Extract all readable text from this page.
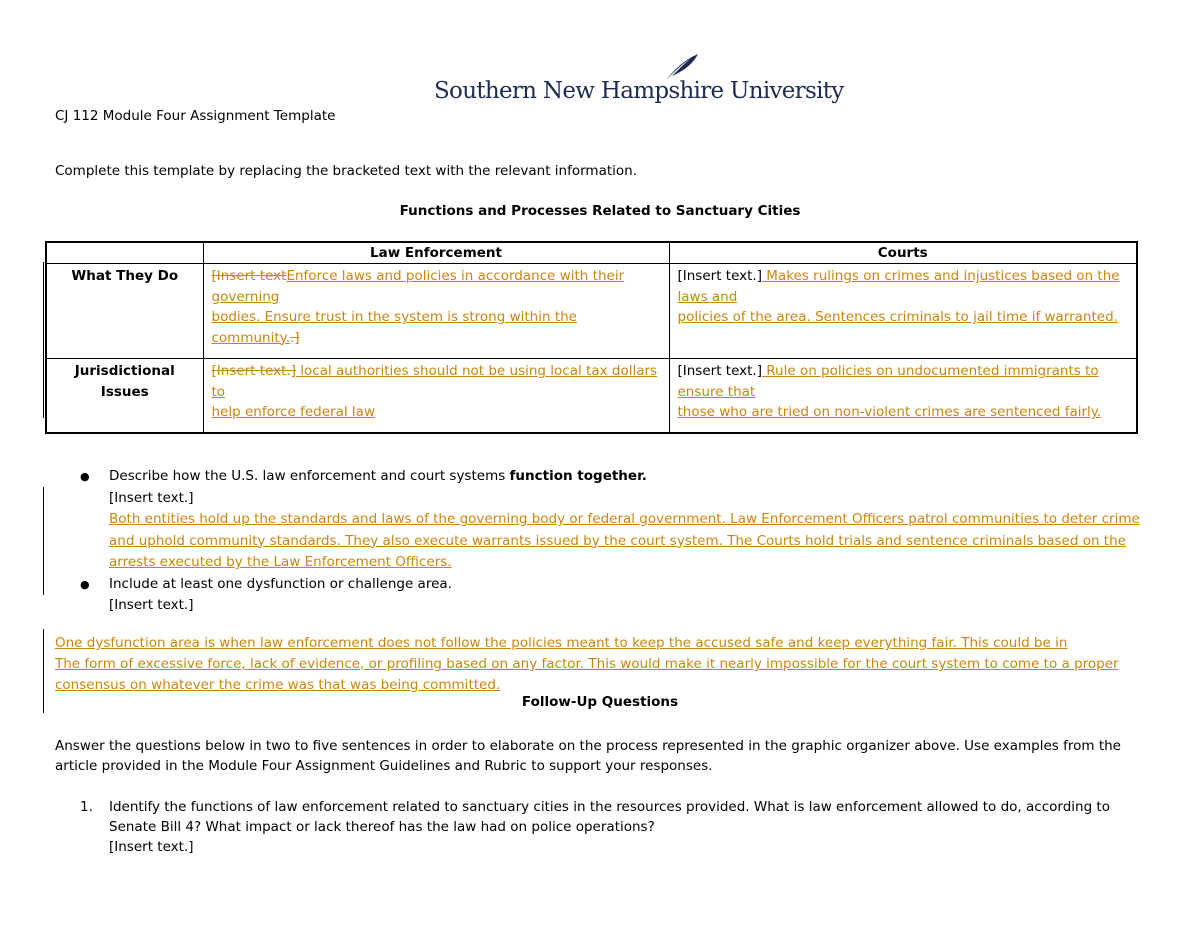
Southern New Hampshire University
CJ 112 Module Four Assignment Template
Complete this template by replacing the bracketed text with the relevant information.
Functions and Processes Related to Sanctuary Cities
	Law Enforcement	Courts
What They Do	[Insert textEnforce laws and policies in accordance with their
governing
bodies. Ensure trust in the system is strong within the
community..]	[Insert text.] Makes rulings on crimes and injustices based on the
laws and
policies of the area. Sentences criminals to jail time if warranted.
Jurisdictional Issues	[Insert text.] local authorities should not be using local tax dollars
to
help enforce federal law	[Insert text.] Rule on policies on undocumented immigrants to
ensure that
those who are tried on non-violent crimes are sentenced fairly.
● Describe how the U.S. law enforcement and court systems function together.
[Insert text.]
Both entities hold up the standards and laws of the governing body or federal government. Law Enforcement Officers patrol communities to deter crime
and uphold community standards. They also execute warrants issued by the court system. The Courts hold trials and sentence criminals based on the
arrests executed by the Law Enforcement Officers.
● Include at least one dysfunction or challenge area.
[Insert text.]
One dysfunction area is when law enforcement does not follow the policies meant to keep the accused safe and keep everything fair. This could be in
The form of excessive force, lack of evidence, or profiling based on any factor. This would make it nearly impossible for the court system to come to a proper
consensus on whatever the crime was that was being committed.
Follow-Up Questions
Answer the questions below in two to five sentences in order to elaborate on the process represented in the graphic organizer above. Use examples from the article provided in the Module Four Assignment Guidelines and Rubric to support your responses.
1. Identify the functions of law enforcement related to sanctuary cities in the resources provided. What is law enforcement allowed to do, according to Senate Bill 4? What impact or lack thereof has the law had on police operations?
[Insert text.]
